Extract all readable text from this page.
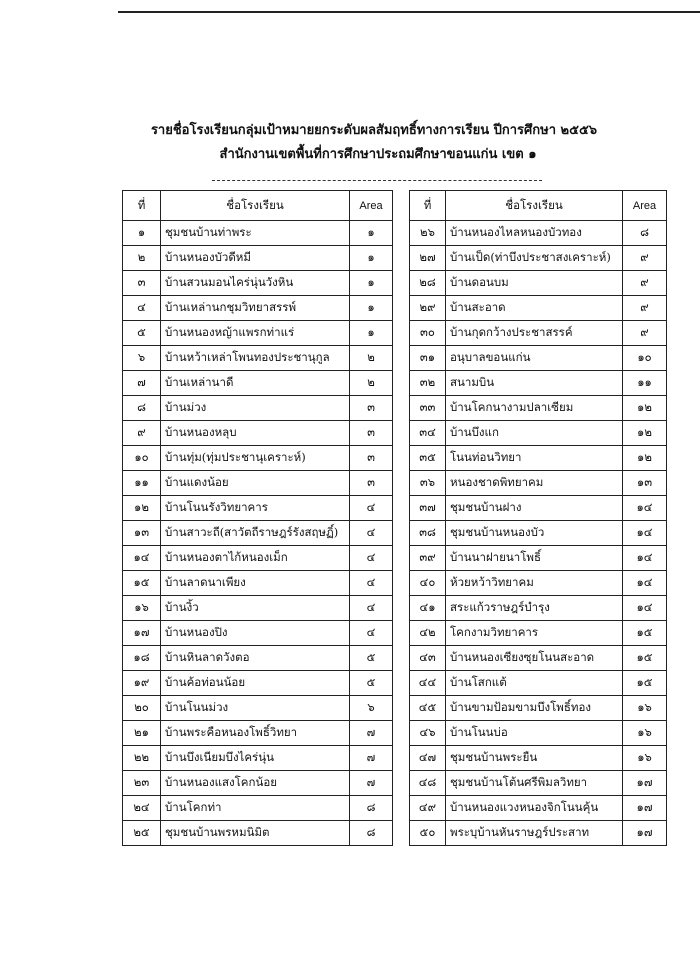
รายชื่อโรงเรียนกลุ่มเป้าหมายยกระดับผลสัมฤทธิ์ทางการเรียน ปีการศึกษา ๒๕๕๖
สำนักงานเขตพื้นที่การศึกษาประถมศึกษาขอนแก่น เขต ๑
ที่	ชื่อโรงเรียน	Area
๑	ชุมชนบ้านท่าพระ	๑
๒	บ้านหนองบัวดีหมี	๑
๓	บ้านสวนมอนไคร่นุ่นวังหิน	๑
๔	บ้านเหล่านกชุมวิทยาสรรพ์	๑
๕	บ้านหนองหญ้าแพรกท่าแร่	๑
๖	บ้านหว้าเหล่าโพนทองประชานุกูล	๒
๗	บ้านเหล่านาดี	๒
๘	บ้านม่วง	๓
๙	บ้านหนองหลุบ	๓
๑๐	บ้านทุ่ม(ทุ่มประชานุเคราะห์)	๓
๑๑	บ้านแดงน้อย	๓
๑๒	บ้านโนนรังวิทยาคาร	๔
๑๓	บ้านสาวะถี(สาวัตถีราษฎร์รังสฤษฏิ์)	๔
๑๔	บ้านหนองตาไก้หนองเม็ก	๔
๑๕	บ้านลาดนาเพียง	๔
๑๖	บ้านงิ้ว	๔
๑๗	บ้านหนองปิง	๔
๑๘	บ้านหินลาดวังตอ	๕
๑๙	บ้านค้อท่อนน้อย	๕
๒๐	บ้านโนนม่วง	๖
๒๑	บ้านพระคือหนองโพธิ์วิทยา	๗
๒๒	บ้านบึงเนียมบึงไคร่นุ่น	๗
๒๓	บ้านหนองแสงโคกน้อย	๗
๒๔	บ้านโคกท่า	๘
๒๕	ชุมชนบ้านพรหมนิมิต	๘
ที่	ชื่อโรงเรียน	Area
๒๖	บ้านหนองไหลหนองบัวทอง	๘
๒๗	บ้านเป็ด(ท่าบึงประชาสงเคราะห์)	๙
๒๘	บ้านดอนบม	๙
๒๙	บ้านสะอาด	๙
๓๐	บ้านกุดกว้างประชาสรรค์	๙
๓๑	อนุบาลขอนแก่น	๑๐
๓๒	สนามบิน	๑๑
๓๓	บ้านโคกนางามปลาเซียม	๑๒
๓๔	บ้านบึงแก	๑๒
๓๕	โนนท่อนวิทยา	๑๒
๓๖	หนองชาดพิทยาคม	๑๓
๓๗	ชุมชนบ้านฝาง	๑๔
๓๘	ชุมชนบ้านหนองบัว	๑๔
๓๙	บ้านนาฝายนาโพธิ์	๑๔
๔๐	ห้วยหว้าวิทยาคม	๑๔
๔๑	สระแก้วราษฎร์บำรุง	๑๔
๔๒	โคกงามวิทยาคาร	๑๕
๔๓	บ้านหนองเซียงซุยโนนสะอาด	๑๕
๔๔	บ้านโสกแต้	๑๕
๔๕	บ้านขามป้อมขามบึงโพธิ์ทอง	๑๖
๔๖	บ้านโนนบ่อ	๑๖
๔๗	ชุมชนบ้านพระยืน	๑๖
๔๘	ชุมชนบ้านโต้นศรีพิมลวิทยา	๑๗
๔๙	บ้านหนองแวงหนองจิกโนนคุ้น	๑๗
๕๐	พระบุบ้านหันราษฎร์ประสาท	๑๗
